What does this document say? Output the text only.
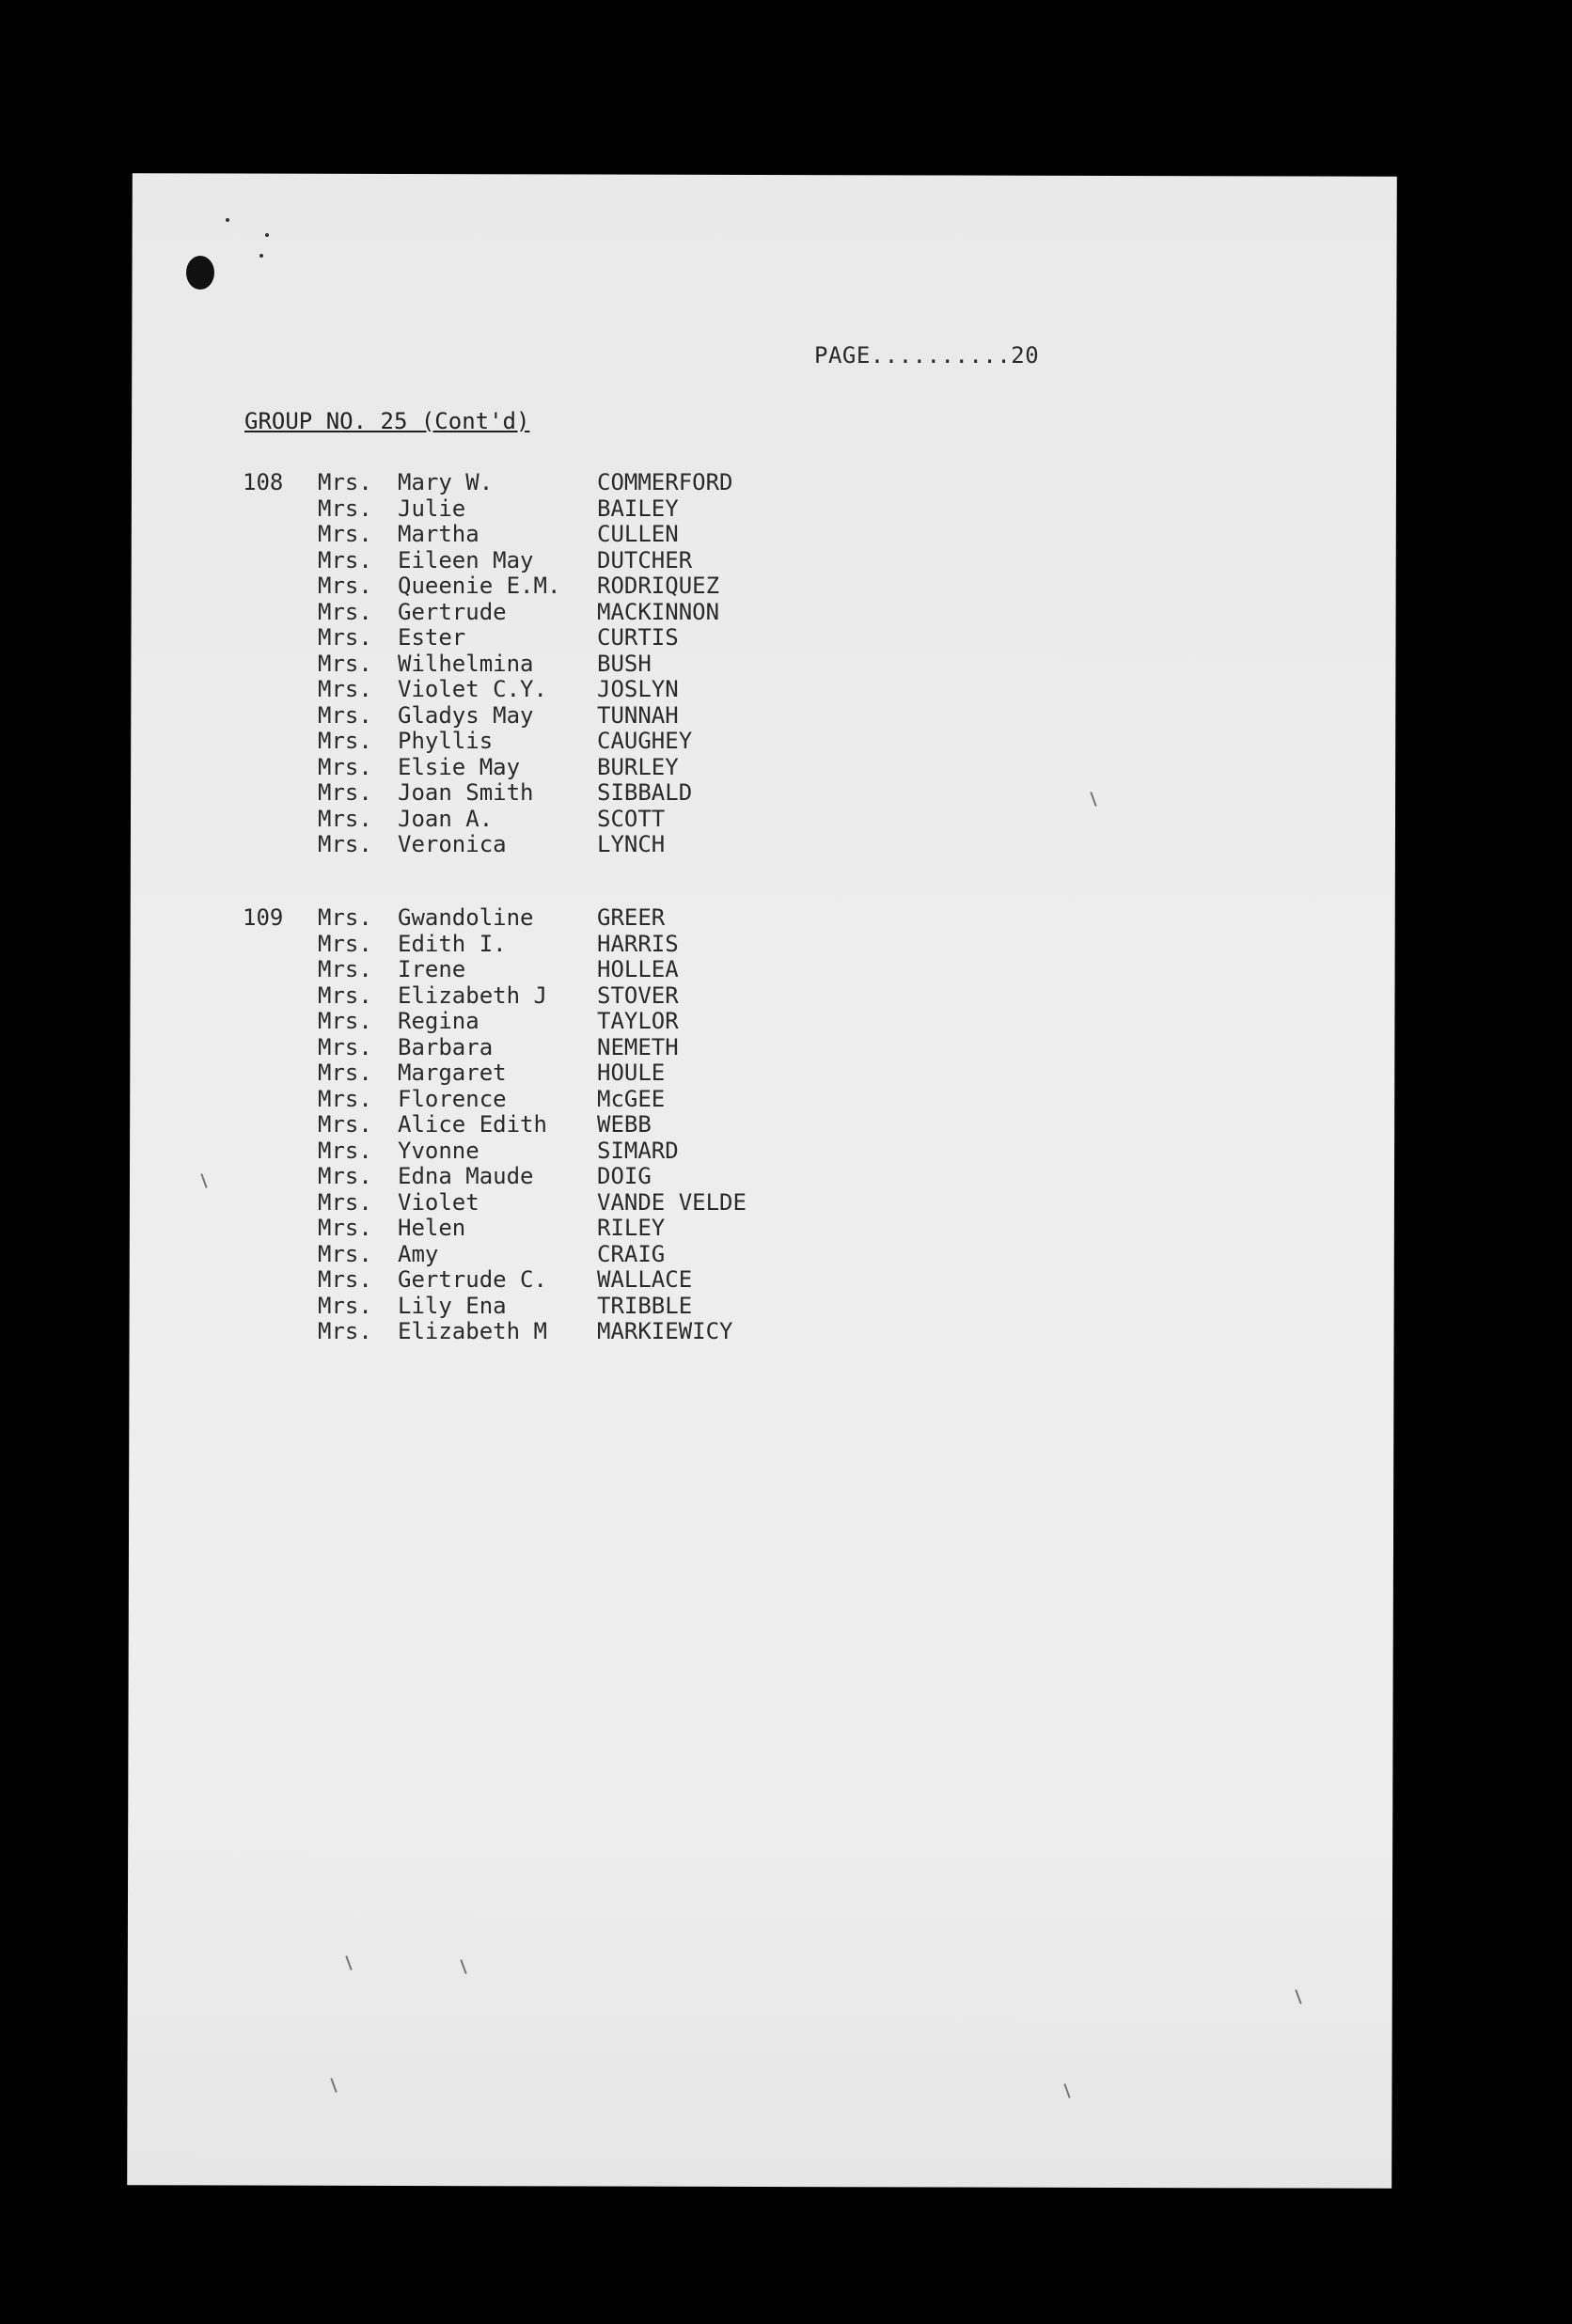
PAGE..........20
GROUP NO. 25 (Cont'd)
108	Mrs.	Mary W.	COMMERFORD
Mrs.	Julie	BAILEY
Mrs.	Martha	CULLEN
Mrs.	Eileen May	DUTCHER
Mrs.	Queenie E.M.	RODRIQUEZ
Mrs.	Gertrude	MACKINNON
Mrs.	Ester	CURTIS
Mrs.	Wilhelmina	BUSH
Mrs.	Violet C.Y.	JOSLYN
Mrs.	Gladys May	TUNNAH
Mrs.	Phyllis	CAUGHEY
Mrs.	Elsie May	BURLEY
Mrs.	Joan Smith	SIBBALD
Mrs.	Joan A.	SCOTT
Mrs.	Veronica	LYNCH
109	Mrs.	Gwandoline	GREER
Mrs.	Edith I.	HARRIS
Mrs.	Irene	HOLLEA
Mrs.	Elizabeth J	STOVER
Mrs.	Regina	TAYLOR
Mrs.	Barbara	NEMETH
Mrs.	Margaret	HOULE
Mrs.	Florence	McGEE
Mrs.	Alice Edith	WEBB
Mrs.	Yvonne	SIMARD
Mrs.	Edna Maude	DOIG
Mrs.	Violet	VANDE VELDE
Mrs.	Helen	RILEY
Mrs.	Amy	CRAIG
Mrs.	Gertrude C.	WALLACE
Mrs.	Lily Ena	TRIBBLE
Mrs.	Elizabeth M	MARKIEWICY
